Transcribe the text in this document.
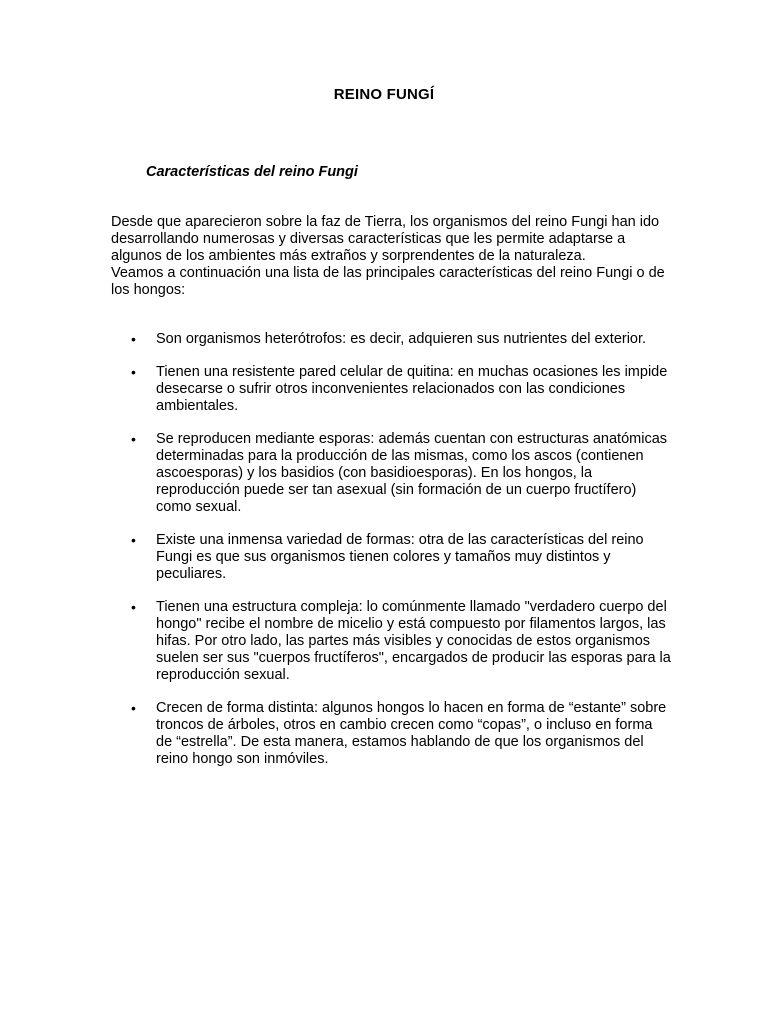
REINO FUNGÍ
Características del reino Fungi

Desde que aparecieron sobre la faz de Tierra, los organismos del reino Fungi han ido desarrollando numerosas y diversas características que les permite adaptarse a algunos de los ambientes más extraños y sorprendentes de la naturaleza.

Veamos a continuación una lista de las principales características del reino Fungi o de los hongos:

• Son organismos heterótrofos: es decir, adquieren sus nutrientes del exterior.
• Tienen una resistente pared celular de quitina: en muchas ocasiones les impide desecarse o sufrir otros inconvenientes relacionados con las condiciones ambientales.
• Se reproducen mediante esporas: además cuentan con estructuras anatómicas determinadas para la producción de las mismas, como los ascos (contienen ascoesporas) y los basidios (con basidioesporas). En los hongos, la reproducción puede ser tan asexual (sin formación de un cuerpo fructífero) como sexual.
• Existe una inmensa variedad de formas: otra de las características del reino Fungi es que sus organismos tienen colores y tamaños muy distintos y peculiares.
• Tienen una estructura compleja: lo comúnmente llamado "verdadero cuerpo del hongo" recibe el nombre de micelio y está compuesto por filamentos largos, las hifas. Por otro lado, las partes más visibles y conocidas de estos organismos suelen ser sus "cuerpos fructíferos", encargados de producir las esporas para la reproducción sexual.
• Crecen de forma distinta: algunos hongos lo hacen en forma de “estante” sobre troncos de árboles, otros en cambio crecen como “copas”, o incluso en forma de “estrella”. De esta manera, estamos hablando de que los organismos del reino hongo son inmóviles.
